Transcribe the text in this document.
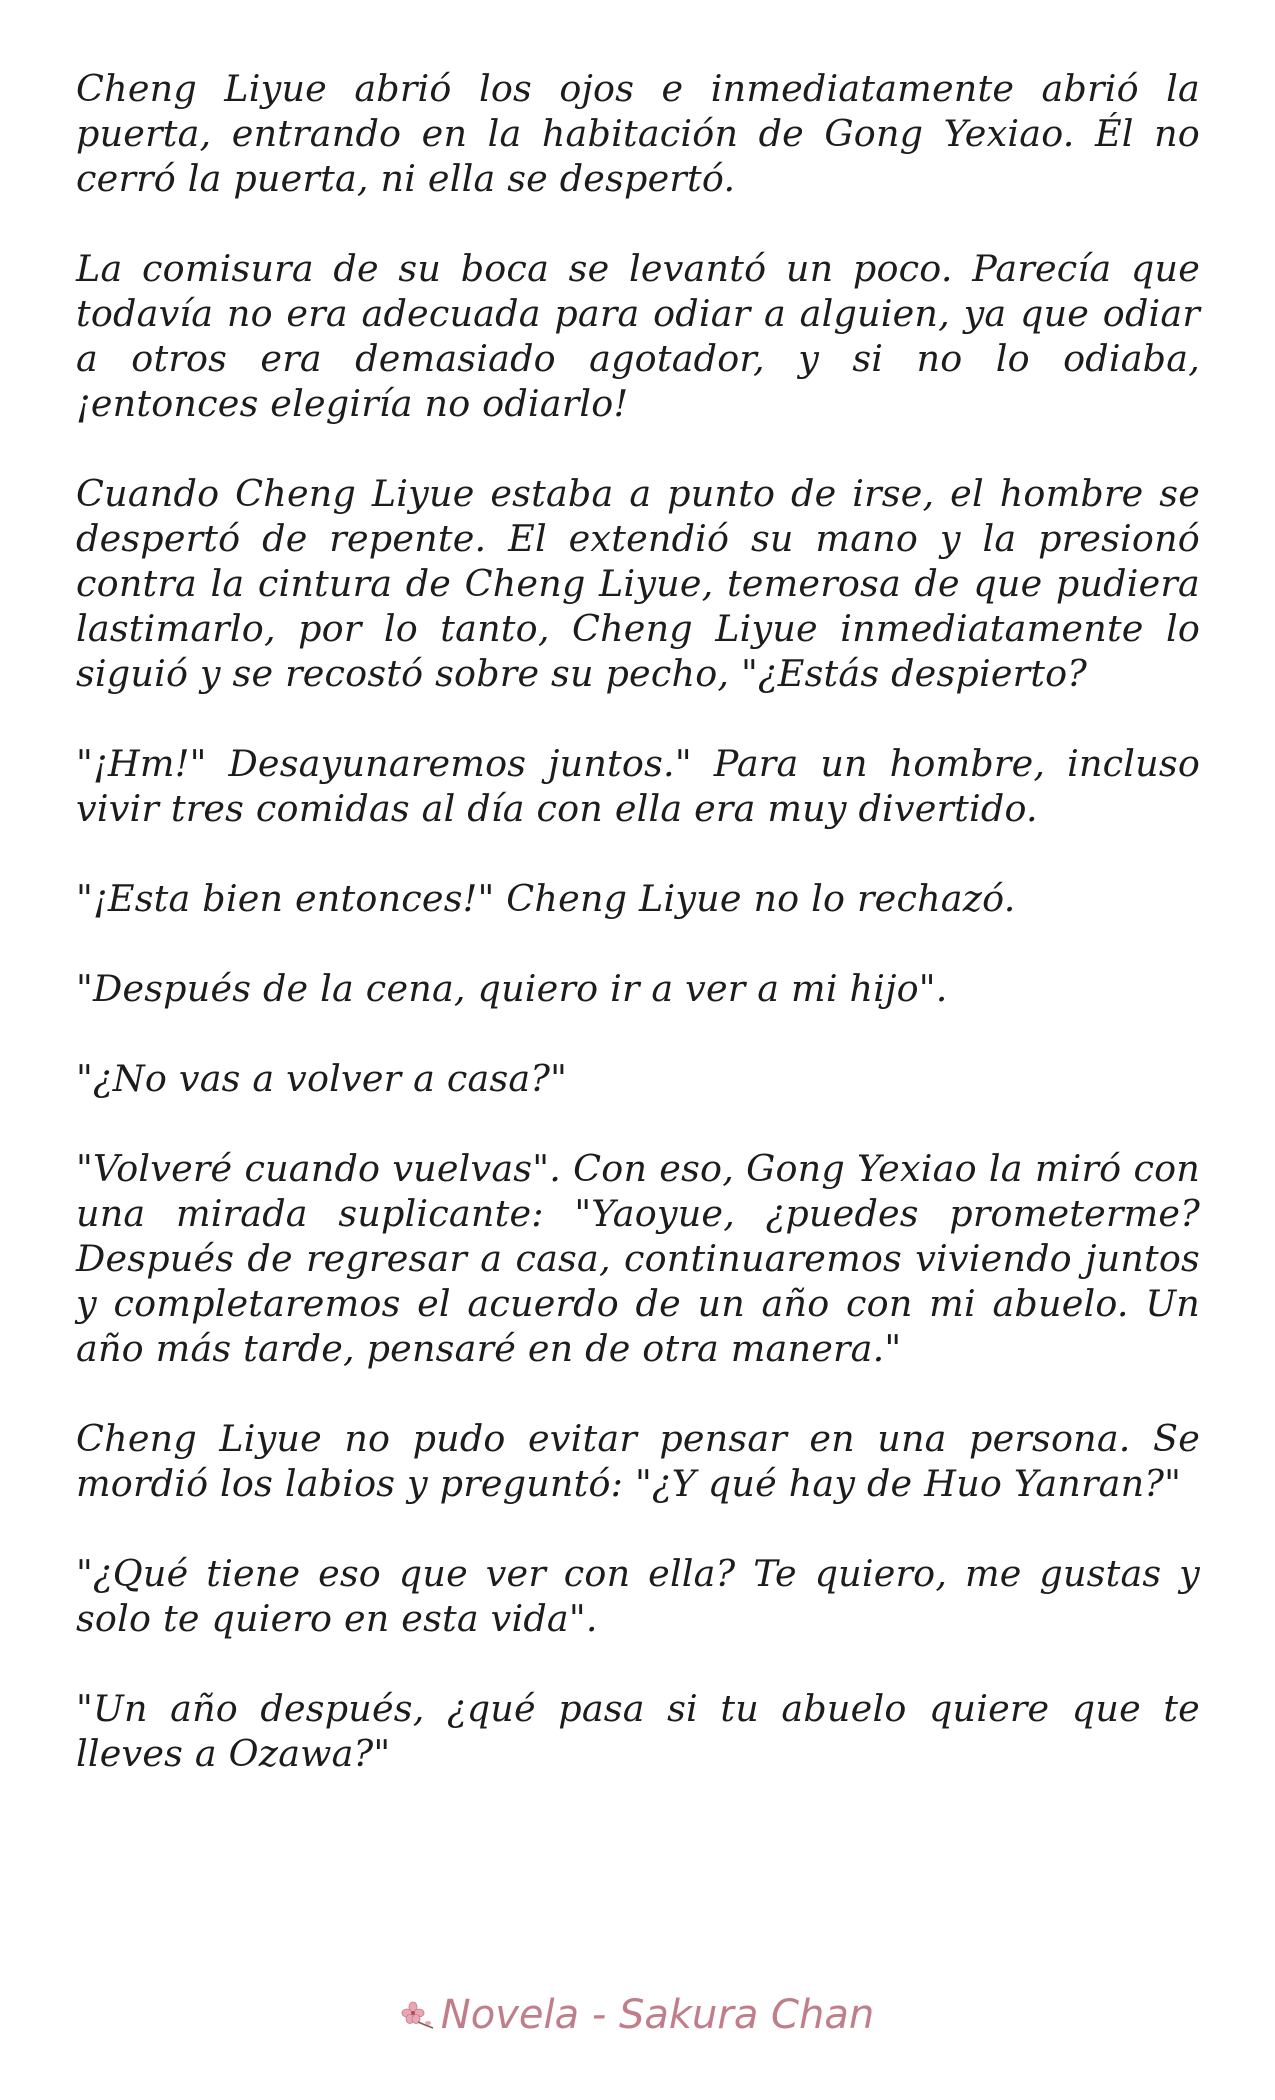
Cheng Liyue abrió los ojos e inmediatamente abrió la puerta, entrando en la habitación de Gong Yexiao. Él no cerró la puerta, ni ella se despertó.

La comisura de su boca se levantó un poco. Parecía que todavía no era adecuada para odiar a alguien, ya que odiar a otros era demasiado agotador, y si no lo odiaba, ¡entonces elegiría no odiarlo!

Cuando Cheng Liyue estaba a punto de irse, el hombre se despertó de repente. El extendió su mano y la presionó contra la cintura de Cheng Liyue, temerosa de que pudiera lastimarlo, por lo tanto, Cheng Liyue inmediatamente lo siguió y se recostó sobre su pecho, "¿Estás despierto?

"¡Hm!" Desayunaremos juntos." Para un hombre, incluso vivir tres comidas al día con ella era muy divertido.

"¡Esta bien entonces!" Cheng Liyue no lo rechazó.

"Después de la cena, quiero ir a ver a mi hijo".

"¿No vas a volver a casa?"

"Volveré cuando vuelvas". Con eso, Gong Yexiao la miró con una mirada suplicante: "Yaoyue, ¿puedes prometerme? Después de regresar a casa, continuaremos viviendo juntos y completaremos el acuerdo de un año con mi abuelo. Un año más tarde, pensaré en de otra manera."

Cheng Liyue no pudo evitar pensar en una persona. Se mordió los labios y preguntó: "¿Y qué hay de Huo Yanran?"

"¿Qué tiene eso que ver con ella? Te quiero, me gustas y solo te quiero en esta vida".

"Un año después, ¿qué pasa si tu abuelo quiere que te lleves a Ozawa?"

Novela - Sakura Chan
